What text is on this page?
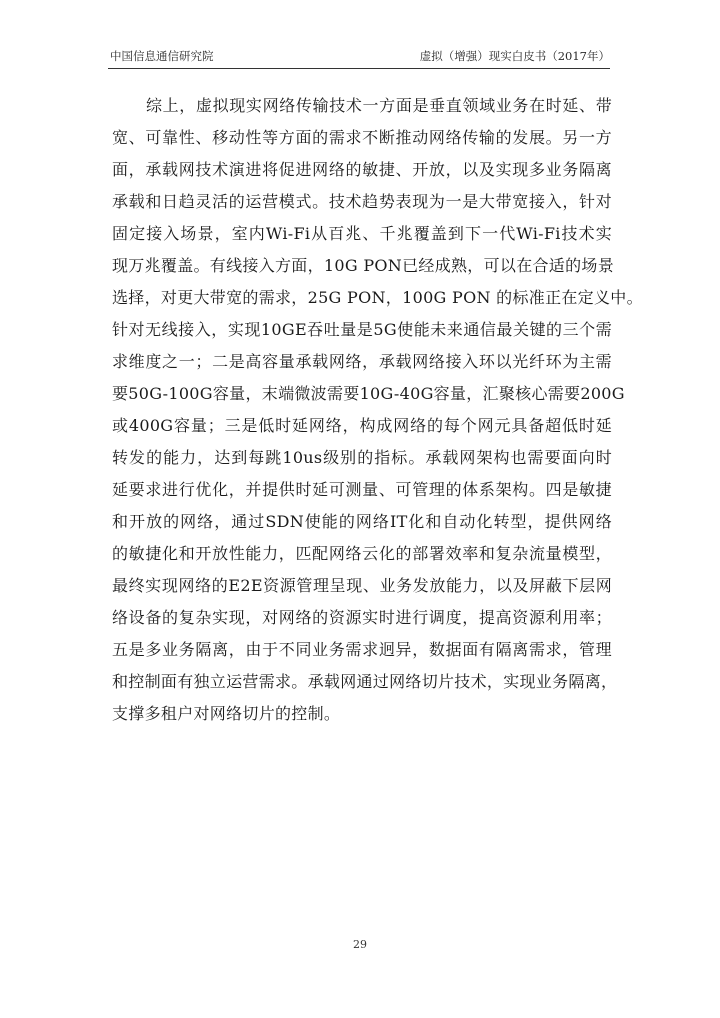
中国信息通信研究院	虚拟（增强）现实白皮书（2017年）
综上，虚拟现实网络传输技术一方面是垂直领域业务在时延、带
宽、可靠性、移动性等方面的需求不断推动网络传输的发展。另一方
面，承载网技术演进将促进网络的敏捷、开放，以及实现多业务隔离
承载和日趋灵活的运营模式。技术趋势表现为一是大带宽接入，针对
固定接入场景，室内Wi-Fi从百兆、千兆覆盖到下一代Wi-Fi技术实
现万兆覆盖。有线接入方面，10G PON已经成熟，可以在合适的场景
选择，对更大带宽的需求，25G PON，100G PON 的标准正在定义中。
针对无线接入，实现10GE吞吐量是5G使能未来通信最关键的三个需
求维度之一；二是高容量承载网络，承载网络接入环以光纤环为主需
要50G-100G容量，末端微波需要10G-40G容量，汇聚核心需要200G
或400G容量；三是低时延网络，构成网络的每个网元具备超低时延
转发的能力，达到每跳10us级别的指标。承载网架构也需要面向时
延要求进行优化，并提供时延可测量、可管理的体系架构。四是敏捷
和开放的网络，通过SDN使能的网络IT化和自动化转型，提供网络
的敏捷化和开放性能力，匹配网络云化的部署效率和复杂流量模型，
最终实现网络的E2E资源管理呈现、业务发放能力，以及屏蔽下层网
络设备的复杂实现，对网络的资源实时进行调度，提高资源利用率；
五是多业务隔离，由于不同业务需求迥异，数据面有隔离需求，管理
和控制面有独立运营需求。承载网通过网络切片技术，实现业务隔离，
支撑多租户对网络切片的控制。
29
